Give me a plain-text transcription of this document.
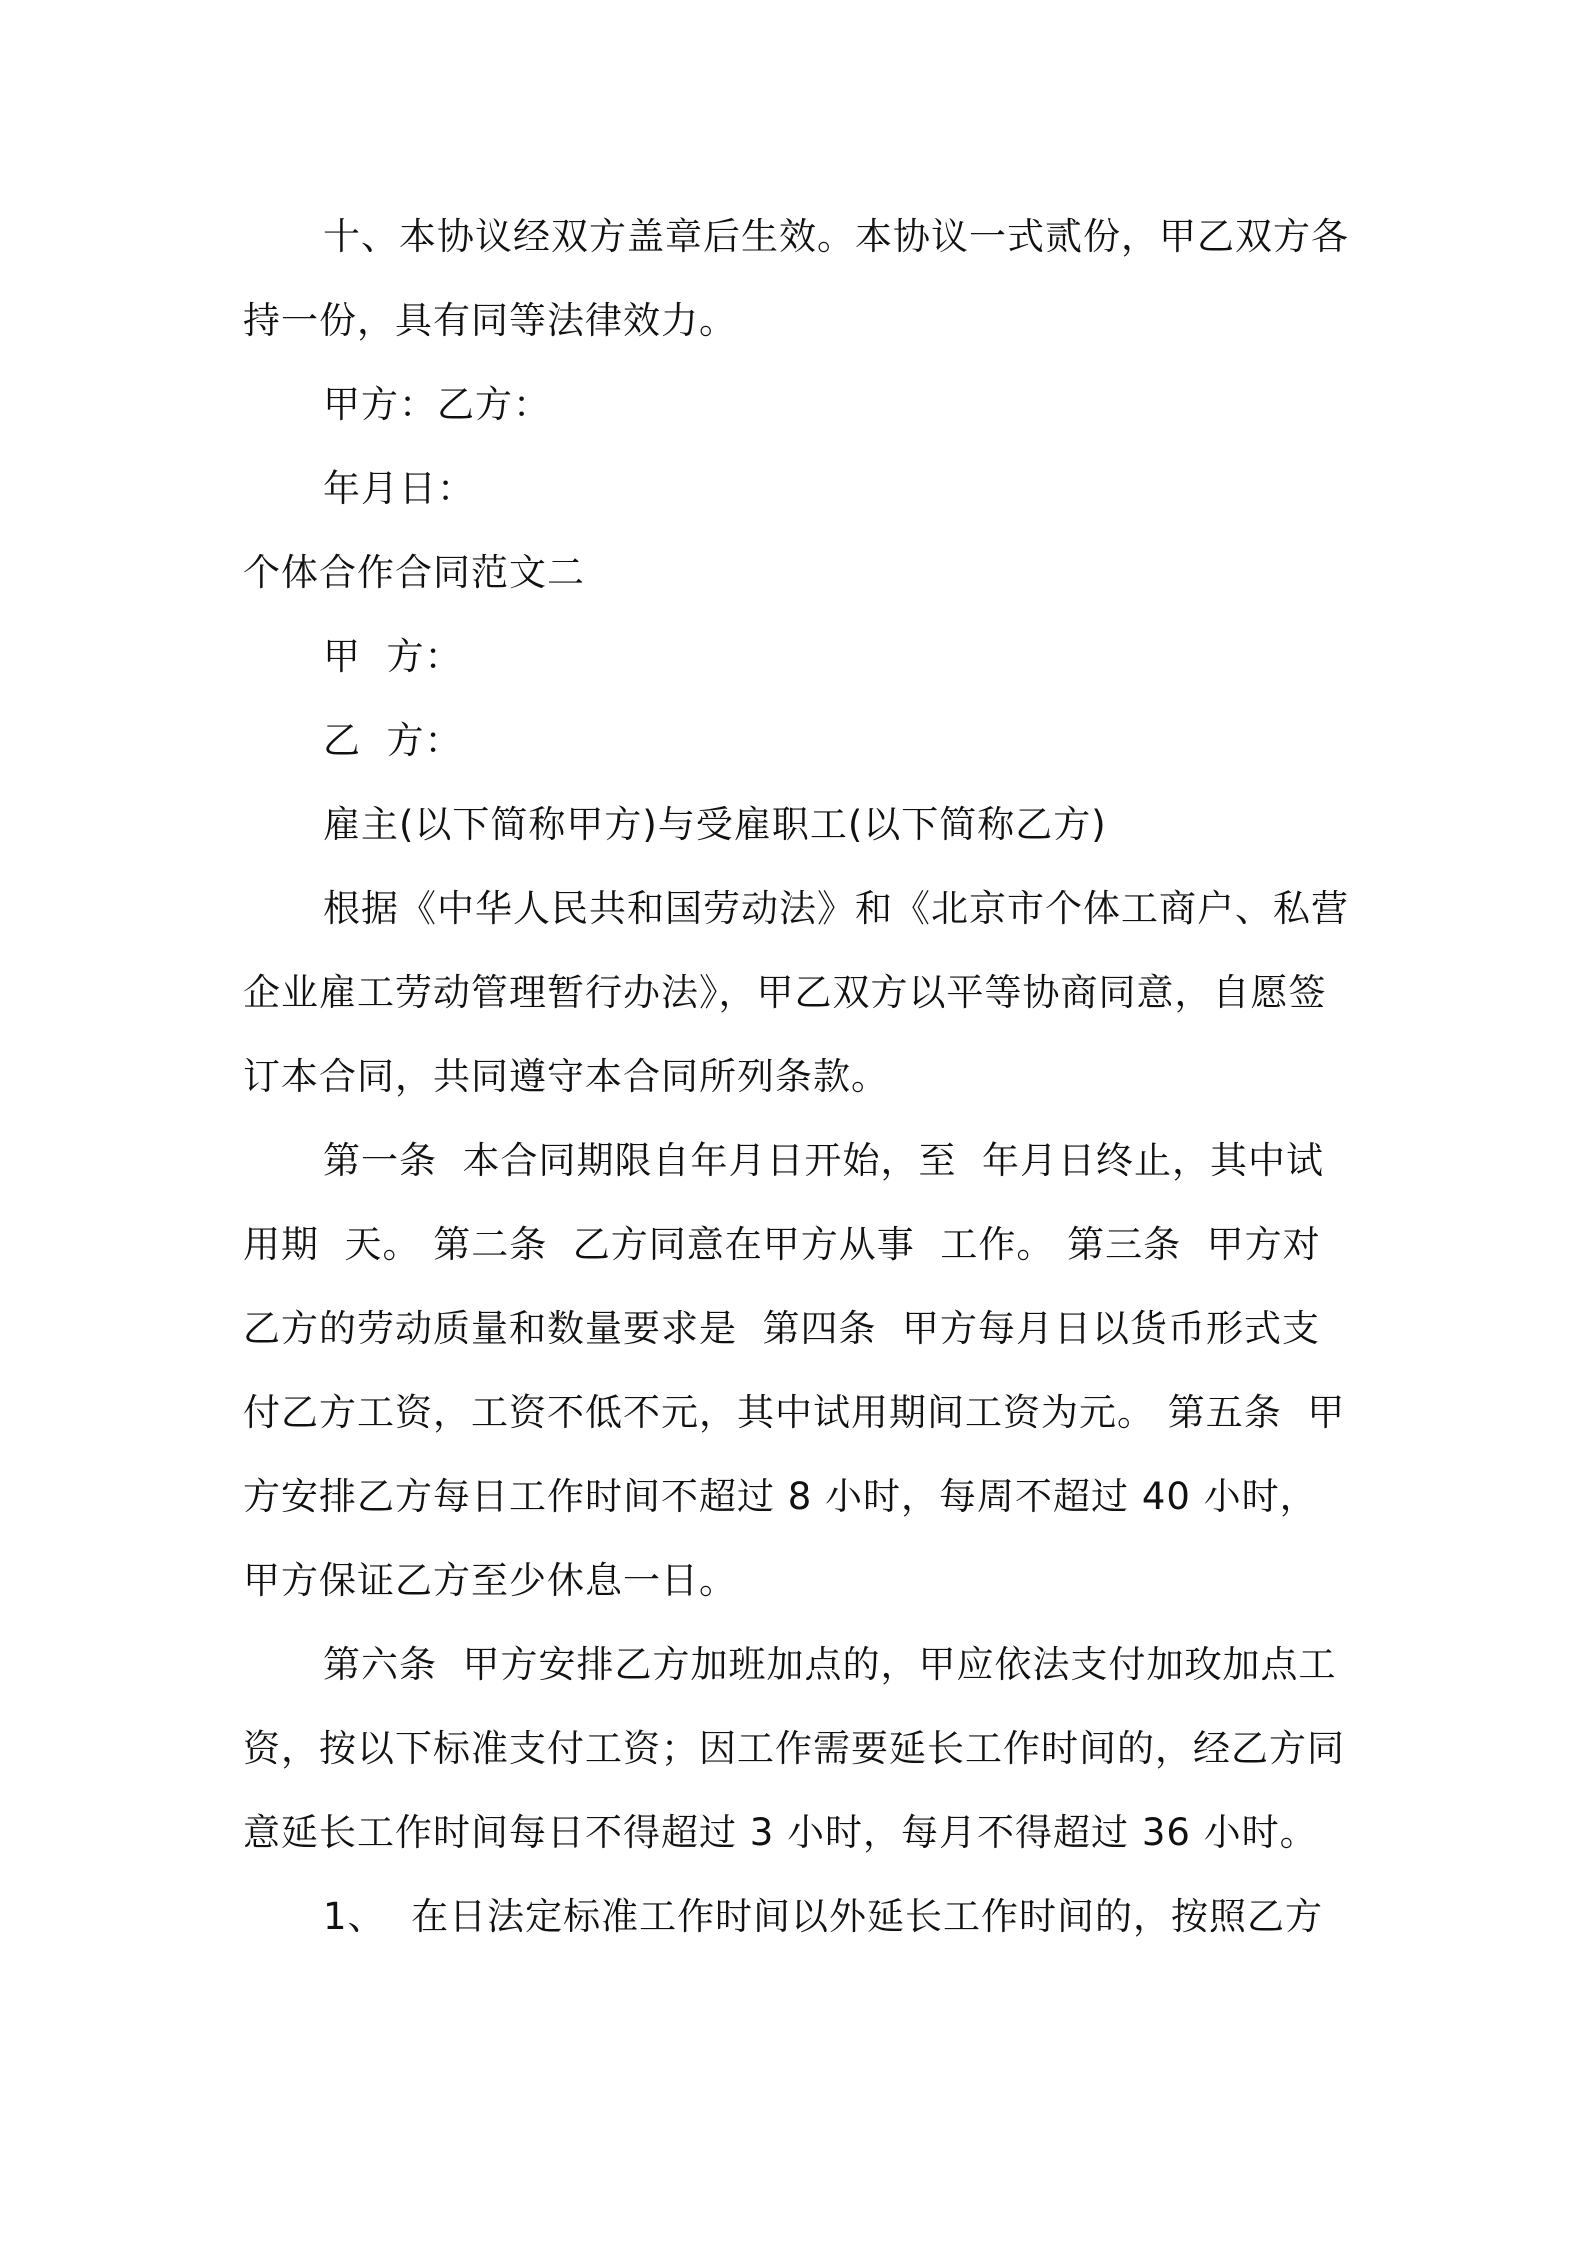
十、本协议经双方盖章后生效。本协议一式贰份，甲乙双方各持一份，具有同等法律效力。

甲方：乙方：

年月日：

个体合作合同范文二

甲  方：

乙  方：

雇主(以下简称甲方)与受雇职工(以下简称乙方)

根据《中华人民共和国劳动法》和《北京市个体工商户、私营企业雇工劳动管理暂行办法》，甲乙双方以平等协商同意，自愿签订本合同，共同遵守本合同所列条款。

第一条  本合同期限自年月日开始，至  年月日终止，其中试用期  天。 第二条  乙方同意在甲方从事  工作。 第三条  甲方对乙方的劳动质量和数量要求是  第四条  甲方每月日以货币形式支付乙方工资，工资不低不元，其中试用期间工资为元。 第五条  甲方安排乙方每日工作时间不超过 8 小时，每周不超过 40 小时，甲方保证乙方至少休息一日。

第六条  甲方安排乙方加班加点的，甲应依法支付加玫加点工资，按以下标准支付工资；因工作需要延长工作时间的，经乙方同意延长工作时间每日不得超过 3 小时，每月不得超过 36 小时。

1、  在日法定标准工作时间以外延长工作时间的，按照乙方
